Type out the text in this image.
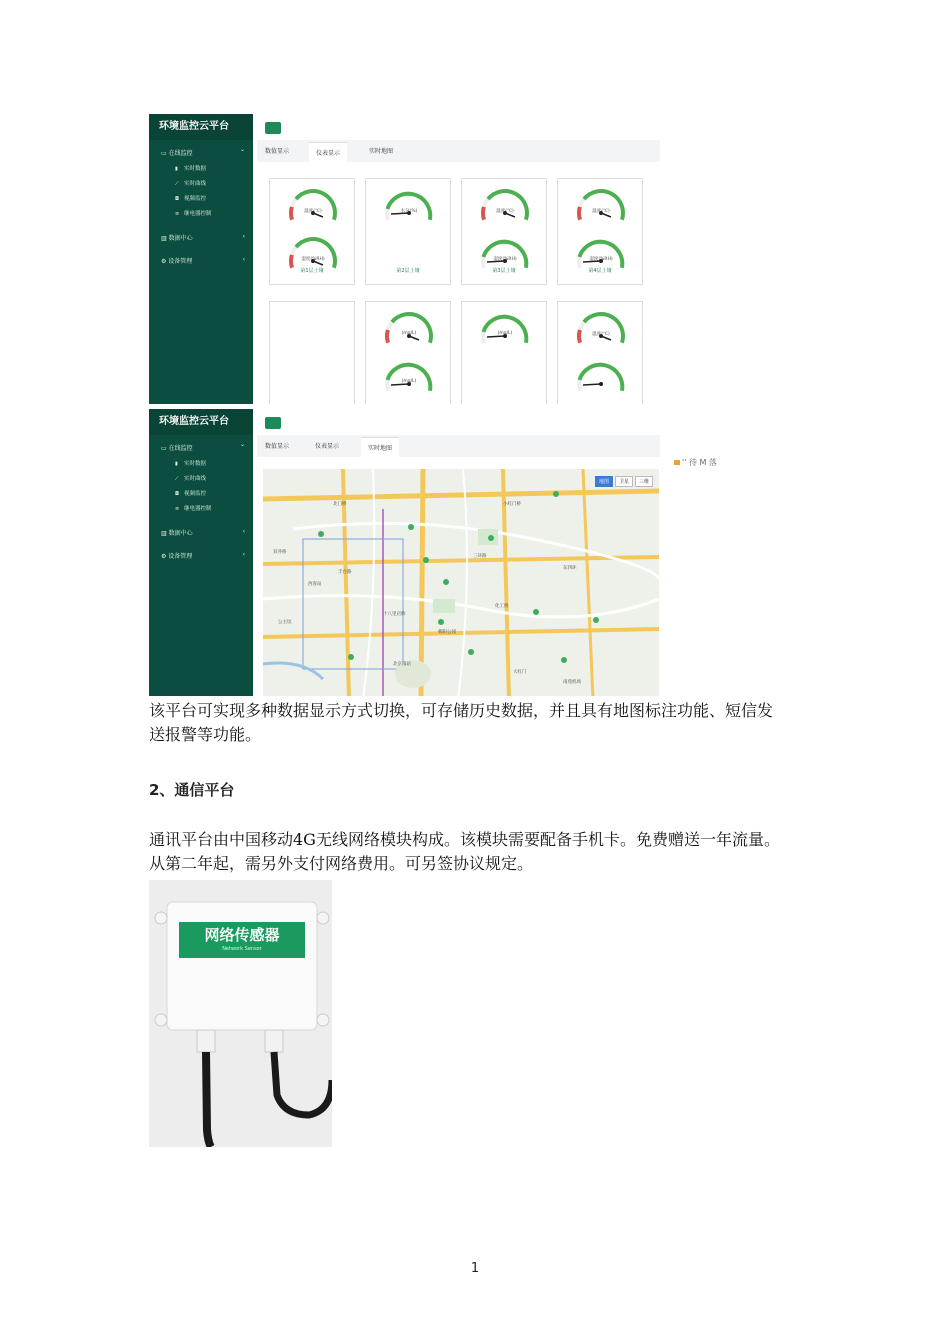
环境监控云平台
▭ 在线监控
⌄
▮ 实时数据
⟋ 实时曲线
◘ 视频监控
≡ 继电器控制
▥ 数据中心	‹
⚙ 设备管理	‹
数值显示	仪表显示	实时地图
温度(℃)
湿度(%RH)
第1层土壤
水分(%)
第2层土壤
温度(℃)
湿度(%RH)
第3层土壤
温度(℃)
湿度(%RH)
第4层土壤
(mg/L)
(mg/L)
(mg/L)	温度(℃)
环境监控云平台
▭ 在线监控
⌄
▮ 实时数据
⟋ 实时曲线
◘ 视频监控
≡ 继电器控制
▥ 数据中心	‹
⚙ 设备管理	‹
数值显示	仪表显示	实时地图
北门桥
双井桥
小红门桥
十八里店桥
化工桥
东四环
三环路
北京南站
大红门
丰台路
西客站
公主坟
朝阳公园
南苑机场
地图	卫星	三维
'' 待 M 落

该平台可实现多种数据显示方式切换，可存储历史数据，并且具有地图标注功能、短信发

送报警等功能。

2、通信平台

通讯平台由中国移动4G无线网络模块构成。该模块需要配备手机卡。免费赠送一年流量。

从第二年起，需另外支付网络费用。可另签协议规定。

网络传感器
Network Sensor
1
